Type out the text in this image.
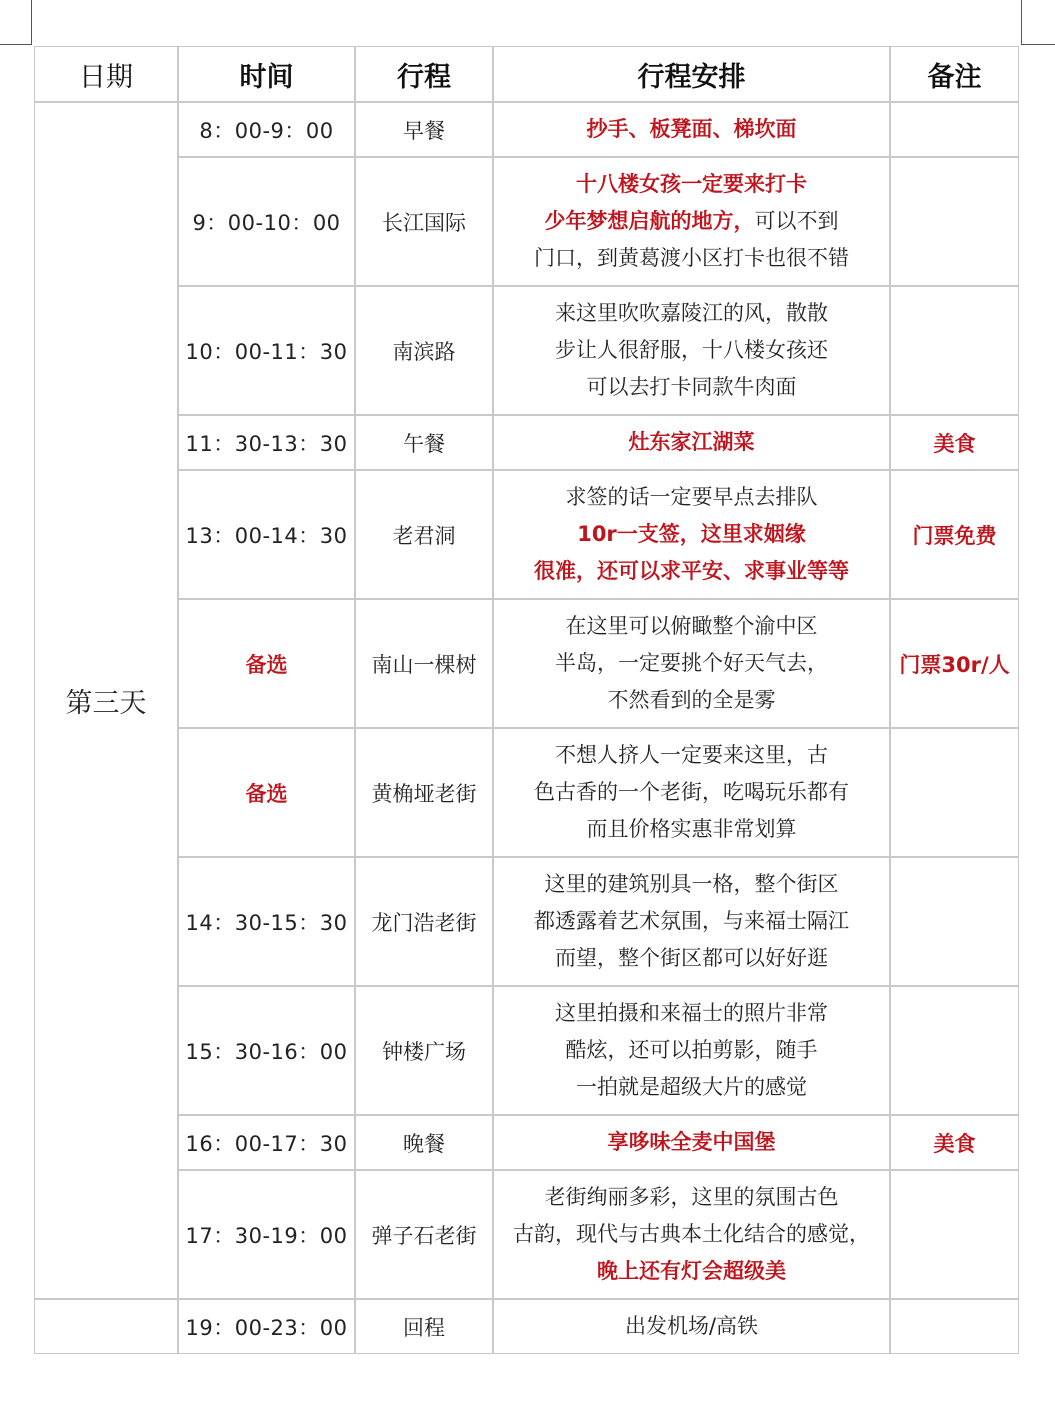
日期	时间	行程	行程安排	备注
第三天	8：00-9：00	早餐	抄手、板凳面、梯坎面	

	9：00-10：00	长江国际	十八楼女孩一定要来打卡
少年梦想启航的地方，可以不到
门口，到黄葛渡小区打卡也很不错	

	10：00-11：30	南滨路	来这里吹吹嘉陵江的风，散散
步让人很舒服，十八楼女孩还
可以去打卡同款牛肉面	

	11：30-13：30	午餐	灶东家江湖菜	美食
	13：00-14：30	老君洞	求签的话一定要早点去排队
10r一支签，这里求姻缘
很准，还可以求平安、求事业等等	门票免费
	备选	南山一棵树	在这里可以俯瞰整个渝中区
半岛，一定要挑个好天气去，
不然看到的全是雾	门票30r/人
	备选	黄桷垭老街	不想人挤人一定要来这里，古
色古香的一个老街，吃喝玩乐都有
而且价格实惠非常划算	

	14：30-15：30	龙门浩老街	这里的建筑别具一格，整个街区
都透露着艺术氛围，与来福士隔江
而望，整个街区都可以好好逛	

	15：30-16：00	钟楼广场	这里拍摄和来福士的照片非常
酷炫，还可以拍剪影，随手
一拍就是超级大片的感觉	

	16：00-17：30	晚餐	享哆味全麦中国堡	美食
	17：30-19：00	弹子石老街	老街绚丽多彩，这里的氛围古色
古韵，现代与古典本土化结合的感觉，
晚上还有灯会超级美	

	19：00-23：00	回程	出发机场/高铁	
